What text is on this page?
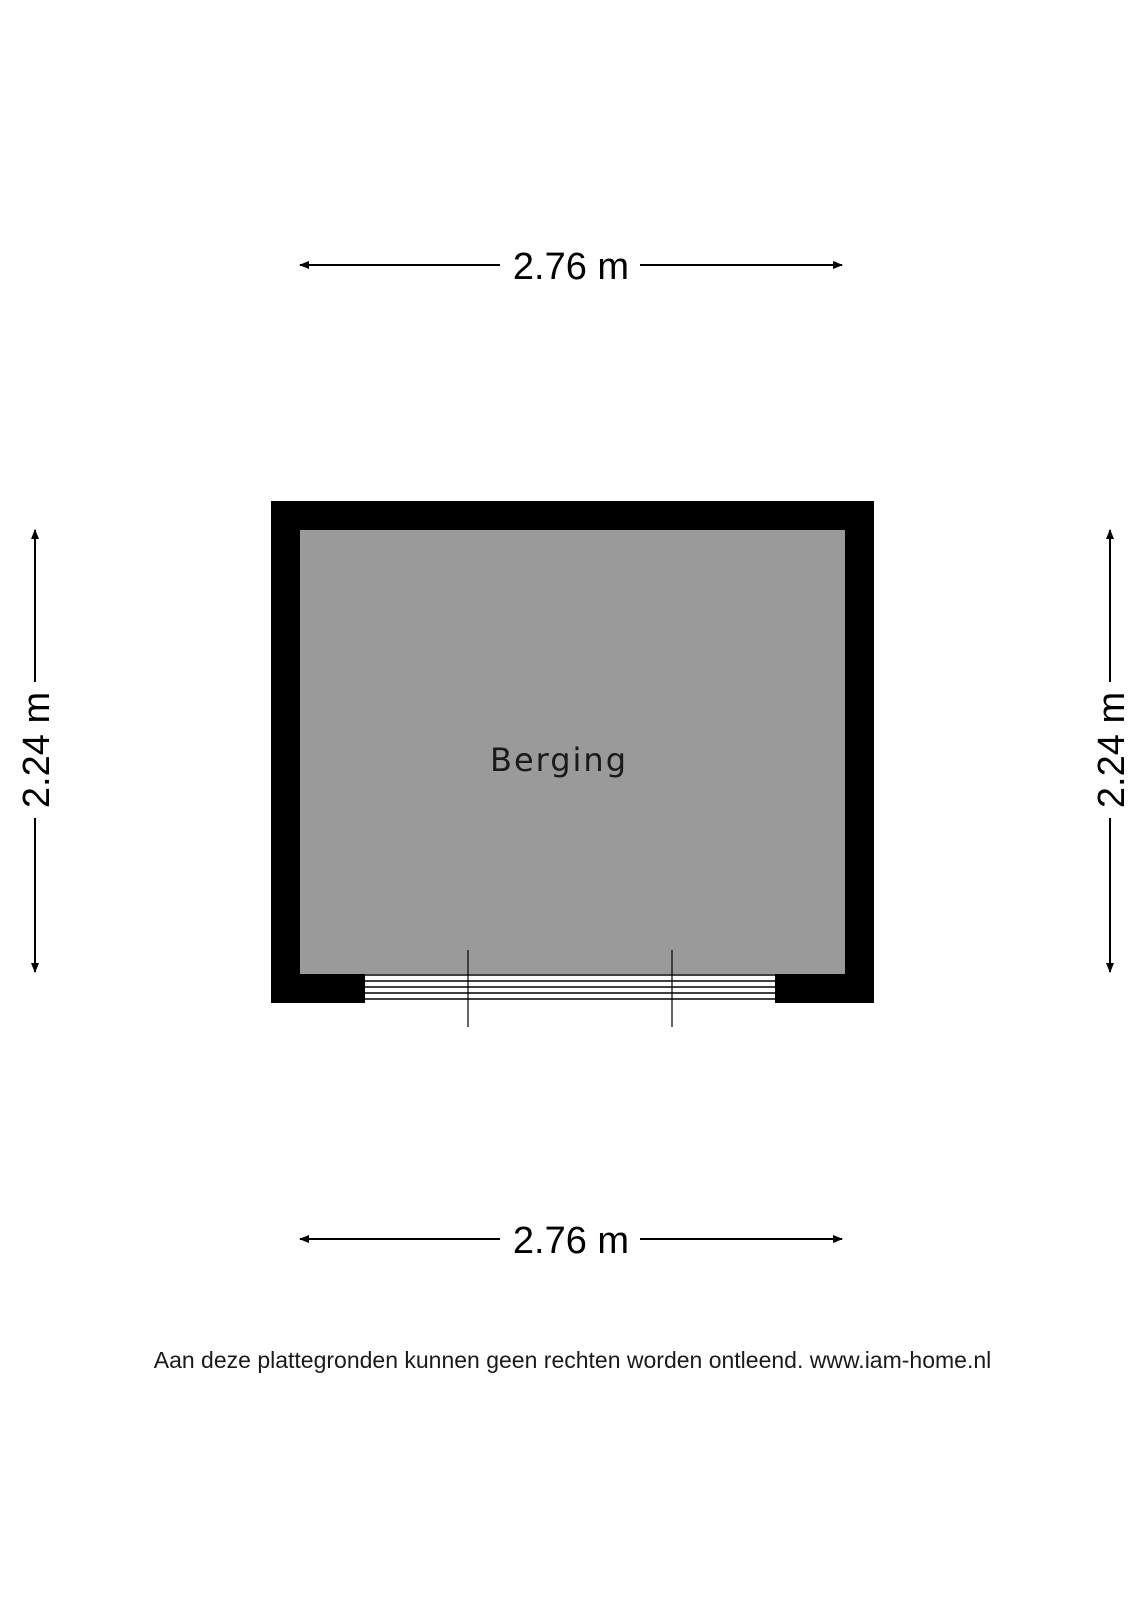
2.76 m
2.76 m
2.24 m	2.24 m
Berging
Aan deze plattegronden kunnen geen rechten worden ontleend. www.iam-home.nl
